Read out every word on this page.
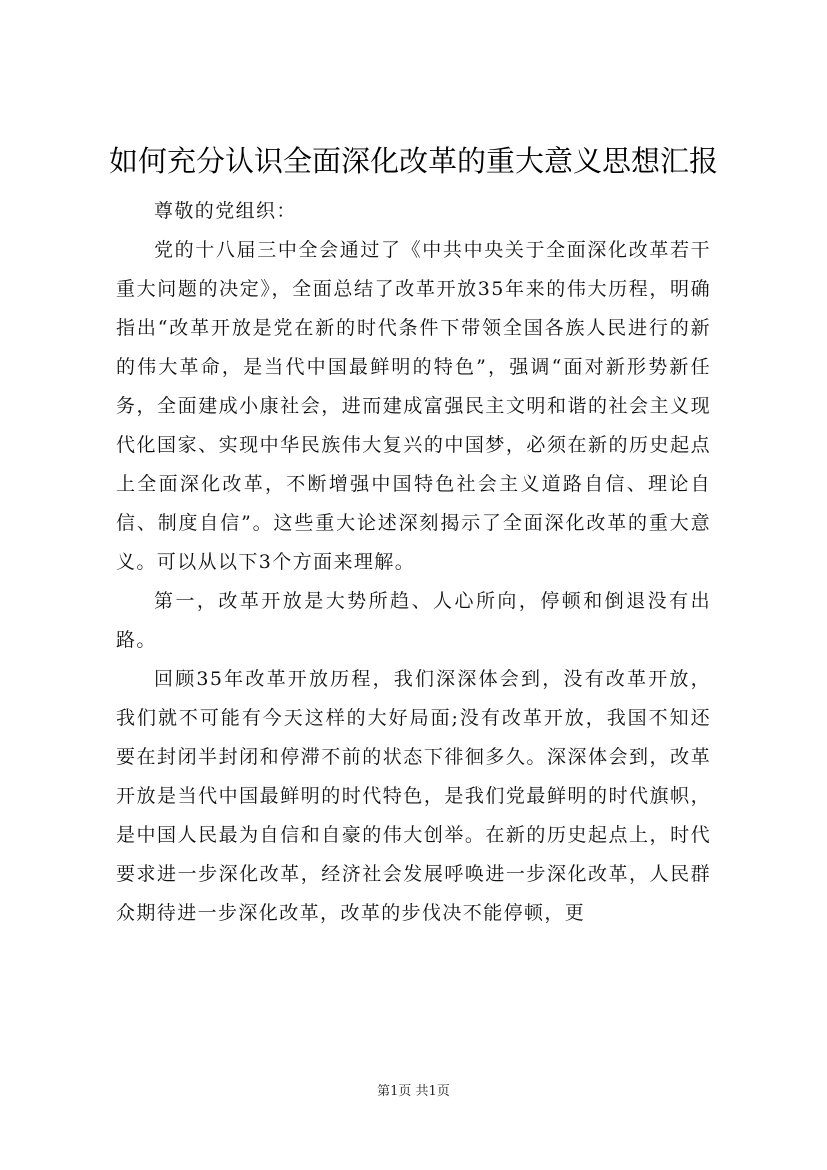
如何充分认识全面深化改革的重大意义思想汇报

尊敬的党组织：

党的十八届三中全会通过了《中共中央关于全面深化改革若干重大问题的决定》，全面总结了改革开放35年来的伟大历程，明确指出“改革开放是党在新的时代条件下带领全国各族人民进行的新的伟大革命，是当代中国最鲜明的特色”，强调“面对新形势新任务，全面建成小康社会，进而建成富强民主文明和谐的社会主义现代化国家、实现中华民族伟大复兴的中国梦，必须在新的历史起点上全面深化改革，不断增强中国特色社会主义道路自信、理论自信、制度自信”。这些重大论述深刻揭示了全面深化改革的重大意义。可以从以下3个方面来理解。

第一，改革开放是大势所趋、人心所向，停顿和倒退没有出路。

回顾35年改革开放历程，我们深深体会到，没有改革开放，我们就不可能有今天这样的大好局面;没有改革开放，我国不知还要在封闭半封闭和停滞不前的状态下徘徊多久。深深体会到，改革开放是当代中国最鲜明的时代特色，是我们党最鲜明的时代旗帜，是中国人民最为自信和自豪的伟大创举。在新的历史起点上，时代要求进一步深化改革，经济社会发展呼唤进一步深化改革，人民群众期待进一步深化改革，改革的步伐决不能停顿，更

第1页 共1页
